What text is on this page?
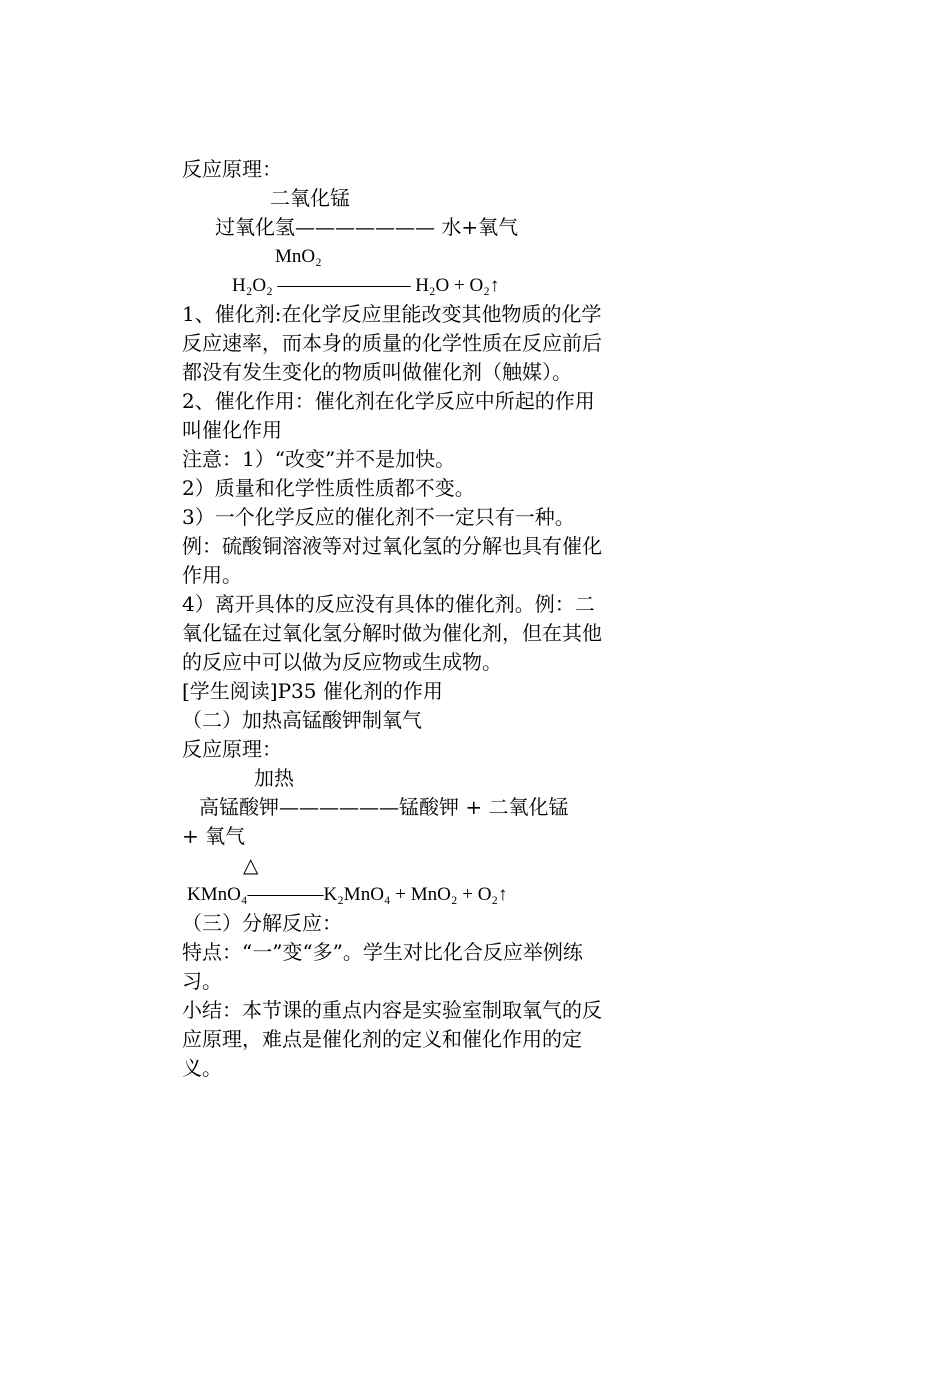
反应原理：
二氧化锰
过氧化氢——————— 水+氧气
MnO₂
H₂O₂ ——————— H₂O + O₂↑
1、催化剂:在化学反应里能改变其他物质的化学反应速率，而本身的质量的化学性质在反应前后都没有发生变化的物质叫做催化剂（触媒）。
2、催化作用：催化剂在化学反应中所起的作用叫催化作用
注意：1）“改变”并不是加快。
2）质量和化学性质性质都不变。
3）一个化学反应的催化剂不一定只有一种。例：硫酸铜溶液等对过氧化氢的分解也具有催化作用。
4）离开具体的反应没有具体的催化剂。例：二氧化锰在过氧化氢分解时做为催化剂，但在其他的反应中可以做为反应物或生成物。
[学生阅读]P35 催化剂的作用
（二）加热高锰酸钾制氧气
反应原理：
加热
高锰酸钾——————锰酸钾 + 二氧化锰
+ 氧气
△
KMnO₄————K₂MnO₄ + MnO₂ + O₂↑
（三）分解反应：
特点：“一”变“多”。学生对比化合反应举例练习。
小结：本节课的重点内容是实验室制取氧气的反应原理，难点是催化剂的定义和催化作用的定义。
